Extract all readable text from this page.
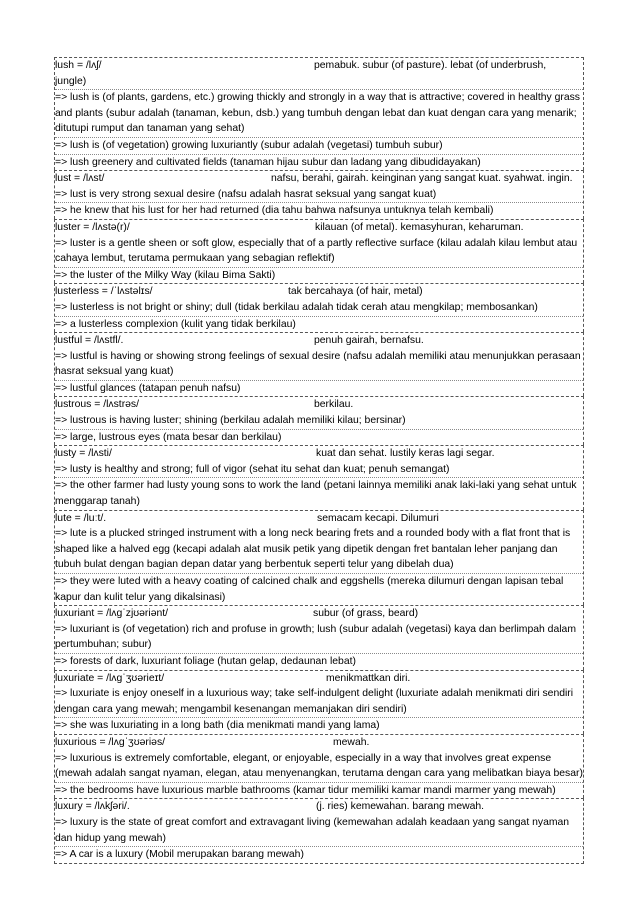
lush = /lʌʃ/	pemabuk. subur (of pasture). lebat (of underbrush,
jungle)
=> lush is (of plants, gardens, etc.) growing thickly and strongly in a way that is attractive; covered in healthy grass and plants (subur adalah (tanaman, kebun, dsb.) yang tumbuh dengan lebat dan kuat dengan cara yang menarik; ditutupi rumput dan tanaman yang sehat)
=> lush is (of vegetation) growing luxuriantly (subur adalah (vegetasi) tumbuh subur)
=> lush greenery and cultivated fields (tanaman hijau subur dan ladang yang dibudidayakan)
lust = /lʌst/	nafsu, berahi, gairah. keinginan yang sangat kuat. syahwat. ingin.
=> lust is very strong sexual desire (nafsu adalah hasrat seksual yang sangat kuat)
=> he knew that his lust for her had returned (dia tahu bahwa nafsunya untuknya telah kembali)
luster = /lʌstə(r)/	kilauan (of metal). kemasyhuran, keharuman.
=> luster is a gentle sheen or soft glow, especially that of a partly reflective surface (kilau adalah kilau lembut atau cahaya lembut, terutama permukaan yang sebagian reflektif)
=> the luster of the Milky Way (kilau Bima Sakti)
lusterless = /ˈlʌstəlɪs/	tak bercahaya (of hair, metal)
=> lusterless is not bright or shiny; dull (tidak berkilau adalah tidak cerah atau mengkilap; membosankan)
=> a lusterless complexion (kulit yang tidak berkilau)
lustful = /lʌstfl/.	penuh gairah, bernafsu.
=> lustful is having or showing strong feelings of sexual desire (nafsu adalah memiliki atau menunjukkan perasaan hasrat seksual yang kuat)
=> lustful glances (tatapan penuh nafsu)
lustrous = /lʌstrəs/	berkilau.
=> lustrous is having luster; shining (berkilau adalah memiliki kilau; bersinar)
=> large, lustrous eyes (mata besar dan berkilau)
lusty = /lʌsti/	kuat dan sehat. lustily keras lagi segar.
=> lusty is healthy and strong; full of vigor (sehat itu sehat dan kuat; penuh semangat)
=> the other farmer had lusty young sons to work the land (petani lainnya memiliki anak laki-laki yang sehat untuk menggarap tanah)
lute = /luːt/.	semacam kecapi. Dilumuri
=> lute is a plucked stringed instrument with a long neck bearing frets and a rounded body with a flat front that is shaped like a halved egg (kecapi adalah alat musik petik yang dipetik dengan fret bantalan leher panjang dan tubuh bulat dengan bagian depan datar yang berbentuk seperti telur yang dibelah dua)
=> they were luted with a heavy coating of calcined chalk and eggshells (mereka dilumuri dengan lapisan tebal kapur dan kulit telur yang dikalsinasi)
luxuriant = /lʌɡˈzjʊəriənt/	subur (of grass, beard)
=> luxuriant is (of vegetation) rich and profuse in growth; lush (subur adalah (vegetasi) kaya dan berlimpah dalam pertumbuhan; subur)
=> forests of dark, luxuriant foliage (hutan gelap, dedaunan lebat)
luxuriate = /lʌɡˈʒʊərieɪt/	menikmattkan diri.
=> luxuriate is enjoy oneself in a luxurious way; take self-indulgent delight (luxuriate adalah menikmati diri sendiri dengan cara yang mewah; mengambil kesenangan memanjakan diri sendiri)
=> she was luxuriating in a long bath (dia menikmati mandi yang lama)
luxurious = /lʌɡˈʒʊəriəs/	mewah.
=> luxurious is extremely comfortable, elegant, or enjoyable, especially in a way that involves great expense (mewah adalah sangat nyaman, elegan, atau menyenangkan, terutama dengan cara yang melibatkan biaya besar)
=> the bedrooms have luxurious marble bathrooms (kamar tidur memiliki kamar mandi marmer yang mewah)
luxury = /lʌkʃəri/.	(j. ries) kemewahan. barang mewah.
=> luxury is the state of great comfort and extravagant living (kemewahan adalah keadaan yang sangat nyaman dan hidup yang mewah)
=> A car is a luxury (Mobil merupakan barang mewah)
